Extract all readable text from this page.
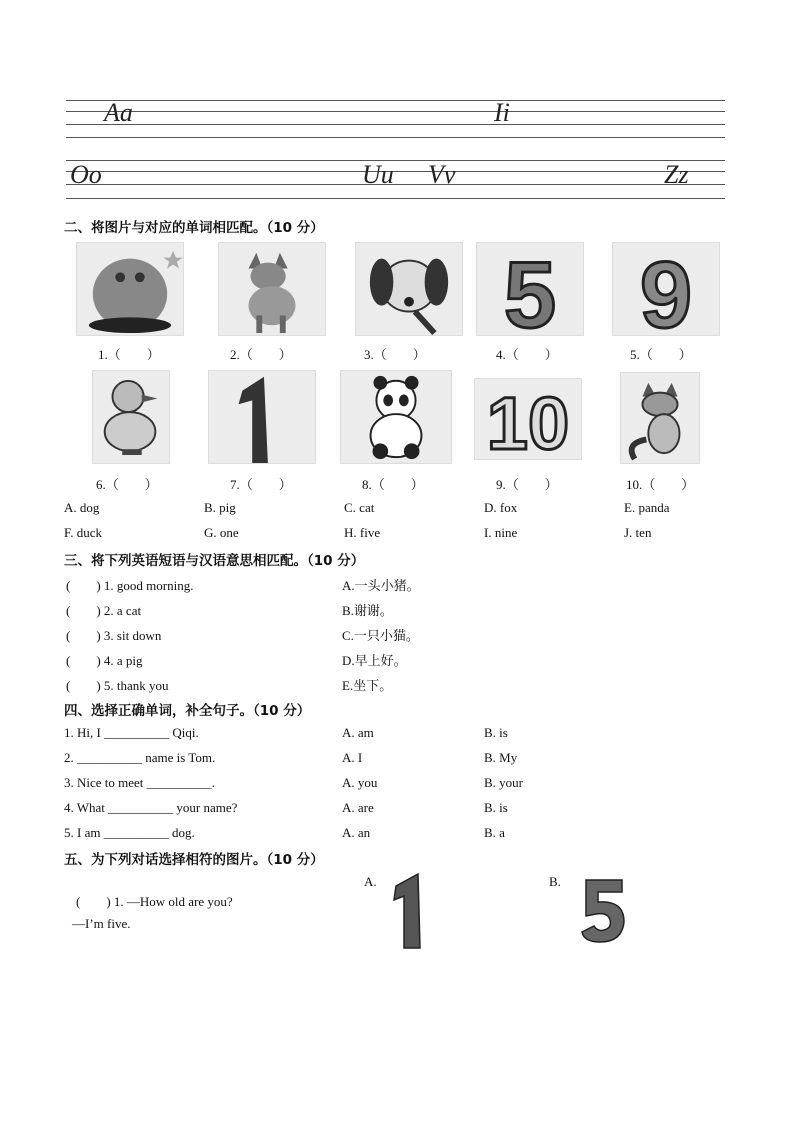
Aa	Ii
Oo	Uu Vv	Zz
二、将图片与对应的单词相匹配。（10 分）
5 9
1.（　　）	2.（　　）	3.（　　）	4.（　　）	5.（　　）
10
6.（　　）	7.（　　）	8.（　　）	9.（　　）	10.（　　）
A. dog	B. pig	C. cat	D. fox	E. panda
F. duck	G. one	H. five	I. nine	J. ten
三、将下列英语短语与汉语意思相匹配。（10 分）
(　　) 1. good morning.	A.一头小猪。
(　　) 2. a cat	B.谢谢。
(　　) 3. sit down	C.一只小猫。
(　　) 4. a pig	D.早上好。
(　　) 5. thank you	E.坐下。
四、选择正确单词，补全句子。（10 分）
1. Hi, I __________ Qiqi.	A. am	B. is
2. __________ name is Tom.	A. I	B. My
3. Nice to meet __________.	A. you	B. your
4. What __________ your name?	A. are	B. is
5. I am __________ dog.	A. an	B. a
五、为下列对话选择相符的图片。（10 分）
(　　) 1. —How old are you?
—I’m five.
A.	B.
